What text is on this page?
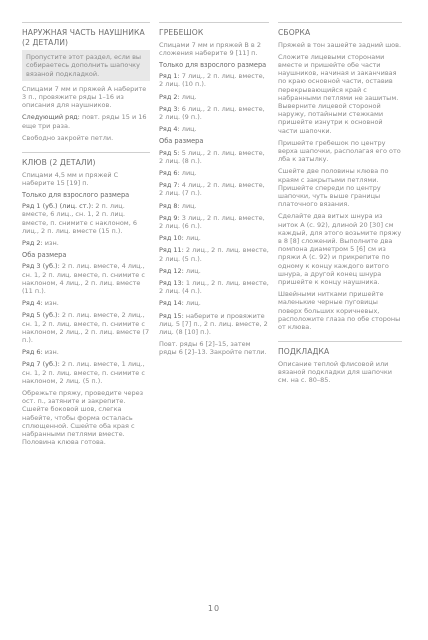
НАРУЖНАЯ ЧАСТЬ НАУШНИКА (2 ДЕТАЛИ)
Пропустите этот раздел, если вы собираетесь дополнить шапочку вязаной подкладкой.
Спицами 7 мм и пряжей А наберите 3 п., провяжите ряды 1–16 из описания для наушников.
Следующий ряд: повт. ряды 15 и 16 еще три раза.
Свободно закройте петли.
КЛЮВ (2 ДЕТАЛИ)
Спицами 4,5 мм и пряжей С наберите 15 [19] п.
Только для взрослого размера
Ряд 1 (уб.) (лиц. ст.): 2 п. лиц. вместе, 6 лиц., сн. 1, 2 п. лиц. вместе, п. снимите с наклоном, 6 лиц., 2 п. лиц. вместе (15 п.).
Ряд 2: изн.
Оба размера
Ряд 3 (уб.): 2 п. лиц. вместе, 4 лиц., сн. 1, 2 п. лиц. вместе, п. снимите с наклоном, 4 лиц., 2 п. лиц. вместе (11 п.).
Ряд 4: изн.
Ряд 5 (уб.): 2 п. лиц. вместе, 2 лиц., сн. 1, 2 п. лиц. вместе, п. снимите с наклоном, 2 лиц., 2 п. лиц. вместе (7 п.).
Ряд 6: изн.
Ряд 7 (уб.): 2 п. лиц. вместе, 1 лиц., сн. 1, 2 п. лиц. вместе, п. снимите с наклоном, 2 лиц. (5 п.).
Обрежьте пряжу, проведите через ост. п., затяните и закрепите. Сшейте боковой шов, слегка набейте, чтобы форма осталась сплющенной. Сшейте оба края с набранными петлями вместе. Половина клюва готова.
ГРЕБЕШОК
Спицами 7 мм и пряжей В в 2 сложения наберите 9 [11] п.
Только для взрослого размера
Ряд 1: 7 лиц., 2 п. лиц. вместе, 2 лиц. (10 п.).
Ряд 2: лиц.
Ряд 3: 6 лиц., 2 п. лиц. вместе, 2 лиц. (9 п.).
Ряд 4: лиц.
Оба размера
Ряд 5: 5 лиц., 2 п. лиц. вместе, 2 лиц. (8 п.).
Ряд 6: лиц.
Ряд 7: 4 лиц., 2 п. лиц. вместе, 2 лиц. (7 п.).
Ряд 8: лиц.
Ряд 9: 3 лиц., 2 п. лиц. вместе, 2 лиц. (6 п.).
Ряд 10: лиц.
Ряд 11: 2 лиц., 2 п. лиц. вместе, 2 лиц. (5 п.).
Ряд 12: лиц.
Ряд 13: 1 лиц., 2 п. лиц. вместе, 2 лиц. (4 п.).
Ряд 14: лиц.
Ряд 15: наберите и провяжите лиц. 5 [7] п., 2 п. лиц. вместе, 2 лиц. (8 [10] п.).
Повт. ряды 6 [2]–15, затем ряды 6 [2]–13. Закройте петли.
СБОРКА
Пряжей в тон зашейте задний шов.
Сложите лицевыми сторонами вместе и пришейте обе части наушников, начиная и заканчивая по краю основной части, оставив перекрывающийся край с набранными петлями не зашитым. Выверните лицевой стороной наружу, потайными стежками пришейте изнутри к основной части шапочки.
Пришейте гребешок по центру верха шапочки, располагая его ото лба к затылку.
Сшейте две половины клюва по краям с закрытыми петлями. Пришейте спереди по центру шапочки, чуть выше границы платочного вязания.
Сделайте два витых шнура из ниток А (с. 92), длиной 20 [30] см каждый, для этого возьмите пряжу в 8 [8] сложений. Выполните два помпона диаметром 5 [6] см из пряжи А (с. 92) и прикрепите по одному к концу каждого витого шнура, а другой конец шнура пришейте к концу наушника.
Швейными нитками пришейте маленькие черные пуговицы поверх больших коричневых, расположите глаза по обе стороны от клюва.
ПОДКЛАДКА
Описание теплой флисовой или вязаной подкладки для шапочки см. на с. 80–85.
10
